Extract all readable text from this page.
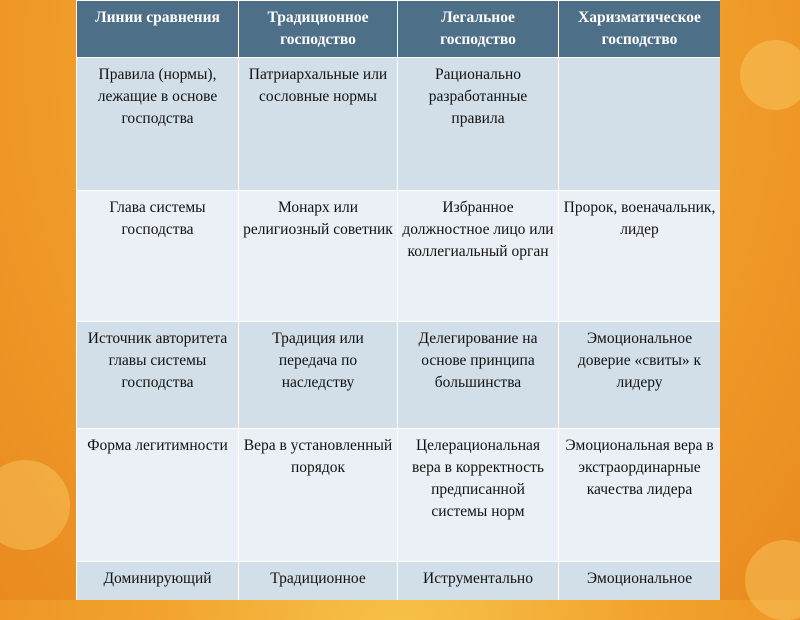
Линии сравнения	Традиционное господство	Легальное господство	Харизматическое господство
Правила (нормы), лежащие в основе господства	Патриархальные или сословные нормы	Рационально разработанные правила	
Глава системы господства	Монарх или религиозный советник	Избранное должностное лицо или коллегиальный орган	Пророк, военачальник, лидер
Источник авторитета главы системы господства	Традиция или передача по наследству	Делегирование на основе принципа большинства	Эмоциональное доверие «свиты» к лидеру
Форма легитимности	Вера в установленный порядок	Целерациональная вера в корректность предписанной системы норм	Эмоциональная вера в экстраординарные качества лидера
Доминирующий	Традиционное	Иструментально	Эмоциональное
